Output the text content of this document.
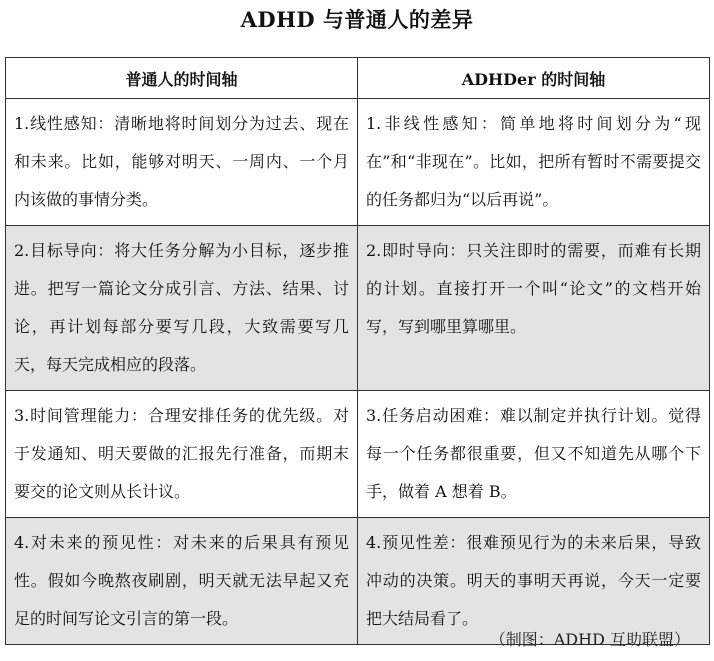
ADHD 与普通人的差异
普通人的时间轴	ADHDer 的时间轴
1.线性感知：清晰地将时间划分为过去、现在和未来。比如，能够对明天、一周内、一个月内该做的事情分类。	1.非线性感知：简单地将时间划分为“现在”和“非现在”。比如，把所有暂时不需要提交的任务都归为“以后再说”。
2.目标导向：将大任务分解为小目标，逐步推进。把写一篇论文分成引言、方法、结果、讨论，再计划每部分要写几段，大致需要写几天，每天完成相应的段落。	2.即时导向：只关注即时的需要，而难有长期的计划。直接打开一个叫“论文”的文档开始写，写到哪里算哪里。
3.时间管理能力：合理安排任务的优先级。对于发通知、明天要做的汇报先行准备，而期末要交的论文则从长计议。	3.任务启动困难：难以制定并执行计划。觉得每一个任务都很重要，但又不知道先从哪个下手，做着 A 想着 B。
4.对未来的预见性：对未来的后果具有预见性。假如今晚熬夜刷剧，明天就无法早起又充足的时间写论文引言的第一段。	4.预见性差：很难预见行为的未来后果，导致冲动的决策。明天的事明天再说，今天一定要把大结局看了。
（制图：ADHD 互助联盟）
